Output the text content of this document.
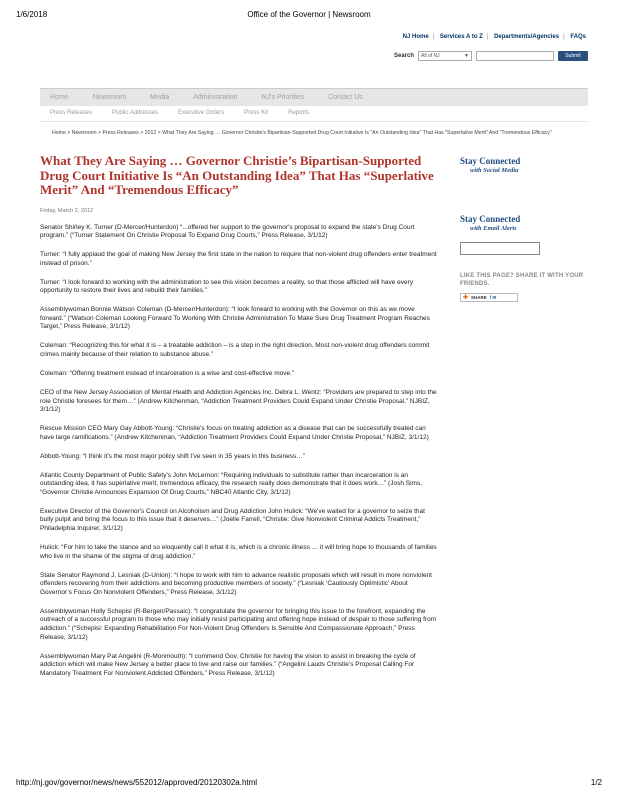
1/6/2018	Office of the Governor | Newsroom
NJ Home | Services A to Z | Departments/Agencies | FAQs
Search	All of NJ	▼	Submit
Home	Newsroom	Media	Administration	NJ's Priorities	Contact Us
Press Releases	Public Addresses	Executive Orders	Press Kit	Reports
Home > Newsroom > Press Releases > 2012 > What They Are Saying … Governor Christie's Bipartisan-Supported Drug Court Initiative Is "An Outstanding Idea" That Has "Superlative Merit" And "Tremendous Efficacy"
What They Are Saying … Governor Christie’s Bipartisan-Supported Drug Court Initiative Is “An Outstanding Idea” That Has “Superlative Merit” And “Tremendous Efficacy”
Friday, March 2, 2012

Senator Shirley K. Turner (D-Mercer/Hunterdon) “...offered her support to the governor's proposal to expand the state's Drug Court program.” (“Turner Statement On Christie Proposal To Expand Drug Courts,” Press Release, 3/1/12)

Turner: “I fully applaud the goal of making New Jersey the first state in the nation to require that non-violent drug offenders enter treatment instead of prison.”

Turner: “I look forward to working with the administration to see this vision becomes a reality, so that those afflicted will have every opportunity to restore their lives and rebuild their families.”

Assemblywoman Bonnie Watson Coleman (D-Mercer/Hunterdon): “I look forward to working with the Governor on this as we move forward.” (“Watson Coleman Looking Forward To Working With Christie Administration To Make Sure Drug Treatment Program Reaches Target,” Press Release, 3/1/12)

Coleman: “Recognizing this for what it is – a treatable addiction – is a step in the right direction. Most non-violent drug offenders commit crimes mainly because of their relation to substance abuse.”

Coleman: “Offering treatment instead of incarceration is a wise and cost-effective move.”

CEO of the New Jersey Association of Mental Health and Addiction Agencies Inc. Debra L. Wentz: “Providers are prepared to step into the role Christie foresees for them…” (Andrew Kitchenman, “Addiction Treatment Providers Could Expand Under Christie Proposal,” NJBIZ, 3/1/12)

Rescue Mission CEO Mary Gay Abbott-Young: “Christie's focus on treating addiction as a disease that can be successfully treated can have large ramifications.” (Andrew Kitchenman, “Addiction Treatment Providers Could Expand Under Christie Proposal,” NJBIZ, 3/1/12)

Abbott-Young: “I think it's the most major policy shift I've seen in 35 years in this business…”

Atlantic County Department of Public Safety's John McLernon: “Requiring individuals to substitute rather than incarceration is an outstanding idea, it has superlative merit, tremendous efficacy, the research really does demonstrate that it does work…” (Josh Sims, “Governor Christie Announces Expansion Of Drug Courts,” NBC40 Atlantic City, 3/1/12)

Executive Director of the Governor's Council on Alcoholism and Drug Addiction John Hulick: “We've waited for a governor to seize that bully pulpit and bring the focus to this issue that it deserves…” (Joelle Farrell, “Christie: Give Nonviolent Criminal Addicts Treatment,” Philadelphia Inquirer, 3/1/12)

Hulick: “For him to take the stance and so eloquently call it what it is, which is a chronic illness … it will bring hope to thousands of families who live in the shame of the stigma of drug addiction.”

State Senator Raymond J. Lesniak (D-Union): “I hope to work with him to advance realistic proposals which will result in more nonviolent offenders recovering from their addictions and becoming productive members of society.” (“Lesniak ‘Cautiously Optimistic’ About Governor’s Focus On Nonviolent Offenders,” Press Release, 3/1/12)

Assemblywoman Holly Schepisi (R-Bergen/Passaic): “I congratulate the governor for bringing this issue to the forefront, expanding the outreach of a successful program to those who may initially resist participating and offering hope instead of despair to those suffering from addiction.” (“Schepisi: Expanding Rehabilitation For Non-Violent Drug Offenders Is Sensible And Compassionate Approach,” Press Release, 3/1/12)

Assemblywoman Mary Pat Angelini (R-Monmouth): “I commend Gov. Christie for having the vision to assist in breaking the cycle of addiction which will make New Jersey a better place to live and raise our families.” (“Angelini Lauds Christie’s Proposal Calling For Mandatory Treatment For Nonviolent Addicted Offenders,” Press Release, 3/1/12)

Stay Connected
with Social Media
Stay Connected
with Email Alerts
LIKE THIS PAGE? SHARE IT WITH YOUR FRIENDS.
✚ SHARE f ✉
http://nj.gov/governor/news/news/552012/approved/20120302a.html	1/2
